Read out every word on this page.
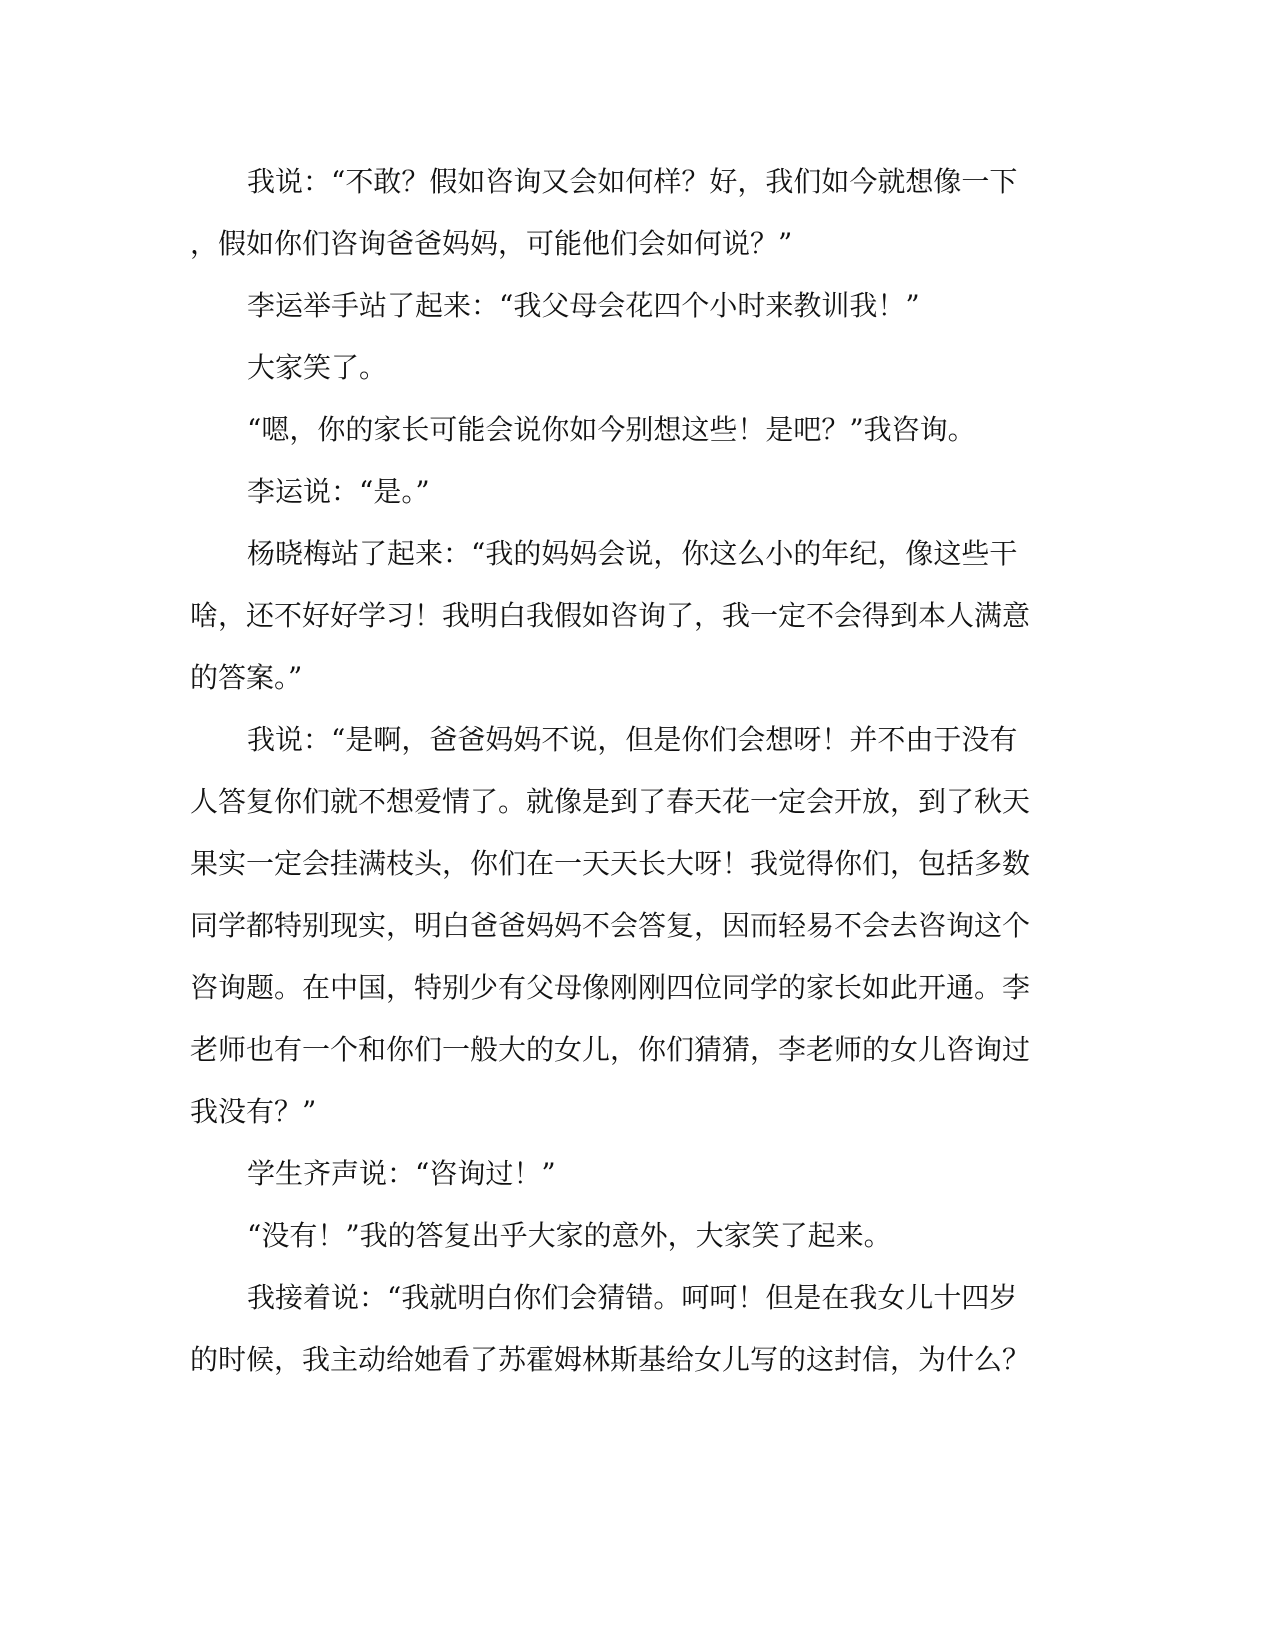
我说：“不敢？假如咨询又会如何样？好，我们如今就想像一下

，假如你们咨询爸爸妈妈，可能他们会如何说？”

李运举手站了起来：“我父母会花四个小时来教训我！”

大家笑了。

“嗯，你的家长可能会说你如今别想这些！是吧？”我咨询。

李运说：“是。”

杨晓梅站了起来：“我的妈妈会说，你这么小的年纪，像这些干

啥，还不好好学习！我明白我假如咨询了，我一定不会得到本人满意

的答案。”

我说：“是啊，爸爸妈妈不说，但是你们会想呀！并不由于没有

人答复你们就不想爱情了。就像是到了春天花一定会开放，到了秋天

果实一定会挂满枝头，你们在一天天长大呀！我觉得你们，包括多数

同学都特别现实，明白爸爸妈妈不会答复，因而轻易不会去咨询这个

咨询题。在中国，特别少有父母像刚刚四位同学的家长如此开通。李

老师也有一个和你们一般大的女儿，你们猜猜，李老师的女儿咨询过

我没有？”

学生齐声说：“咨询过！”

“没有！”我的答复出乎大家的意外，大家笑了起来。

我接着说：“我就明白你们会猜错。呵呵！但是在我女儿十四岁

的时候，我主动给她看了苏霍姆林斯基给女儿写的这封信，为什么？
